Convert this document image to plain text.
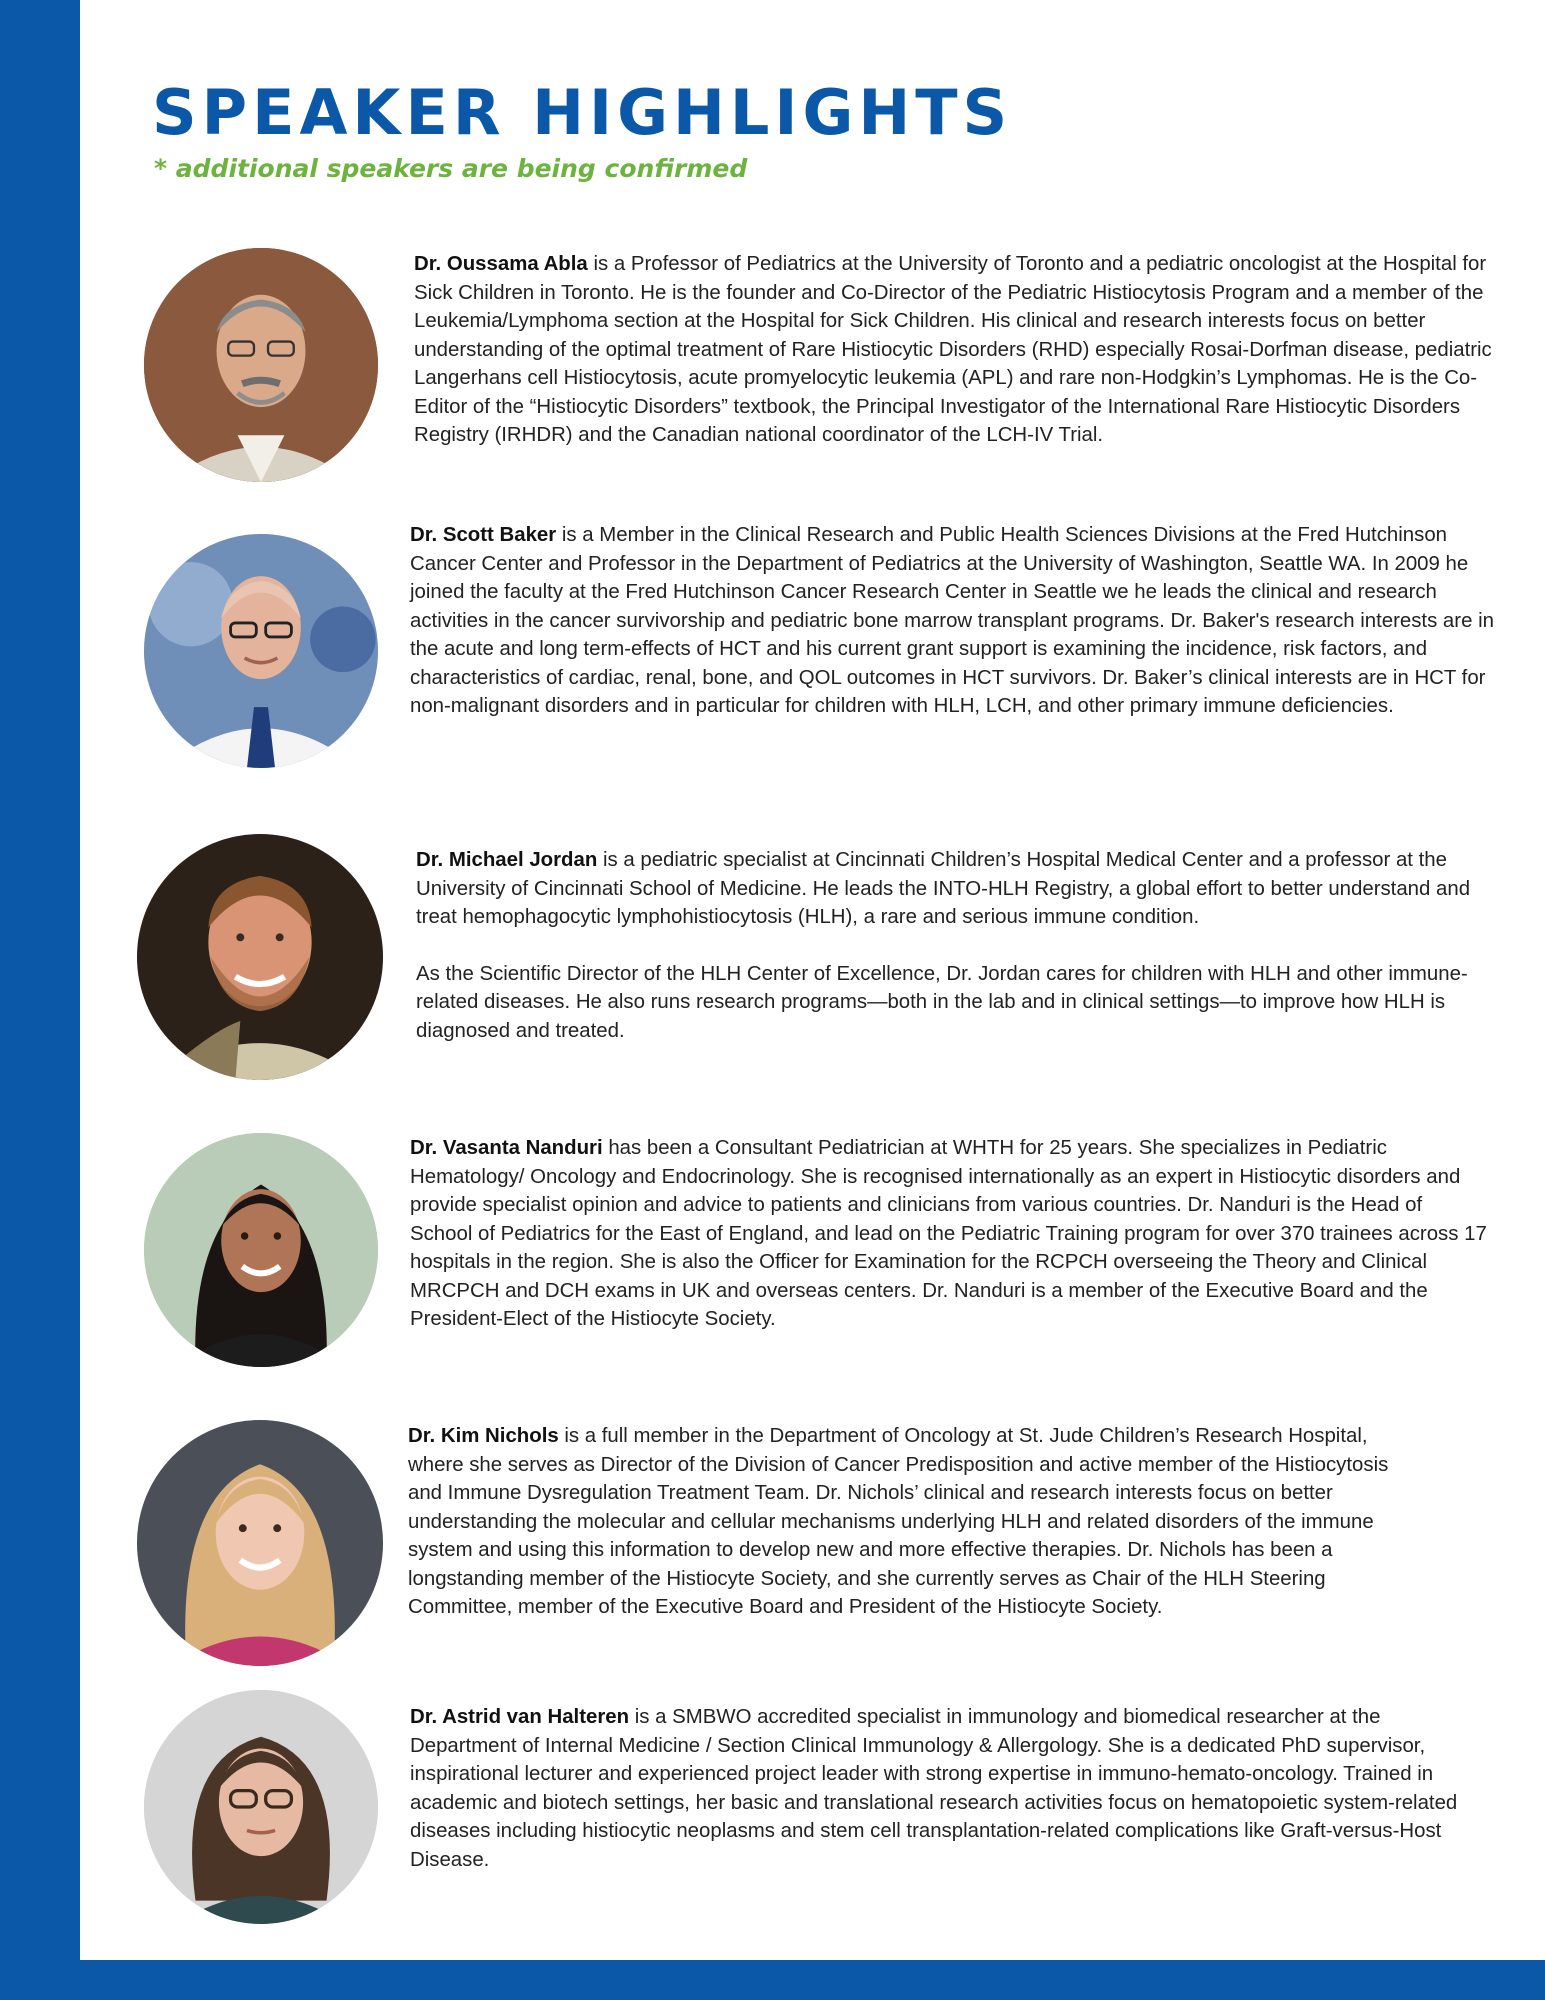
SPEAKER HIGHLIGHTS

* additional speakers are being confirmed

Dr. Oussama Abla is a Professor of Pediatrics at the University of Toronto and a pediatric oncologist at the Hospital for Sick Children in Toronto. He is the founder and Co-Director of the Pediatric Histiocytosis Program and a member of the Leukemia/Lymphoma section at the Hospital for Sick Children. His clinical and research interests focus on better understanding of the optimal treatment of Rare Histiocytic Disorders (RHD) especially Rosai-Dorfman disease, pediatric Langerhans cell Histiocytosis, acute promyelocytic leukemia (APL) and rare non-Hodgkin’s Lymphomas. He is the Co-Editor of the “Histiocytic Disorders” textbook, the Principal Investigator of the International Rare Histiocytic Disorders Registry (IRHDR) and the Canadian national coordinator of the LCH-IV Trial.

Dr. Scott Baker is a Member in the Clinical Research and Public Health Sciences Divisions at the Fred Hutchinson Cancer Center and Professor in the Department of Pediatrics at the University of Washington, Seattle WA. In 2009 he joined the faculty at the Fred Hutchinson Cancer Research Center in Seattle we he leads the clinical and research activities in the cancer survivorship and pediatric bone marrow transplant programs. Dr. Baker's research interests are in the acute and long term-effects of HCT and his current grant support is examining the incidence, risk factors, and characteristics of cardiac, renal, bone, and QOL outcomes in HCT survivors. Dr. Baker’s clinical interests are in HCT for non-malignant disorders and in particular for children with HLH, LCH, and other primary immune deficiencies.

Dr. Michael Jordan is a pediatric specialist at Cincinnati Children’s Hospital Medical Center and a professor at the University of Cincinnati School of Medicine. He leads the INTO-HLH Registry, a global effort to better understand and treat hemophagocytic lymphohistiocytosis (HLH), a rare and serious immune condition.
As the Scientific Director of the HLH Center of Excellence, Dr. Jordan cares for children with HLH and other immune-related diseases. He also runs research programs—both in the lab and in clinical settings—to improve how HLH is diagnosed and treated.

Dr. Vasanta Nanduri has been a Consultant Pediatrician at WHTH for 25 years. She specializes in Pediatric Hematology/ Oncology and Endocrinology. She is recognised internationally as an expert in Histiocytic disorders and provide specialist opinion and advice to patients and clinicians from various countries. Dr. Nanduri is the Head of School of Pediatrics for the East of England, and lead on the Pediatric Training program for over 370 trainees across 17 hospitals in the region. She is also the Officer for Examination for the RCPCH overseeing the Theory and Clinical MRCPCH and DCH exams in UK and overseas centers. Dr. Nanduri is a member of the Executive Board and the President-Elect of the Histiocyte Society.

Dr. Kim Nichols is a full member in the Department of Oncology at St. Jude Children’s Research Hospital, where she serves as Director of the Division of Cancer Predisposition and active member of the Histiocytosis and Immune Dysregulation Treatment Team. Dr. Nichols’ clinical and research interests focus on better understanding the molecular and cellular mechanisms underlying HLH and related disorders of the immune system and using this information to develop new and more effective therapies. Dr. Nichols has been a longstanding member of the Histiocyte Society, and she currently serves as Chair of the HLH Steering Committee, member of the Executive Board and President of the Histiocyte Society.

Dr. Astrid van Halteren is a SMBWO accredited specialist in immunology and biomedical researcher at the Department of Internal Medicine / Section Clinical Immunology & Allergology. She is a dedicated PhD supervisor, inspirational lecturer and experienced project leader with strong expertise in immuno-hemato-oncology. Trained in academic and biotech settings, her basic and translational research activities focus on hematopoietic system-related diseases including histiocytic neoplasms and stem cell transplantation-related complications like Graft-versus-Host Disease.
